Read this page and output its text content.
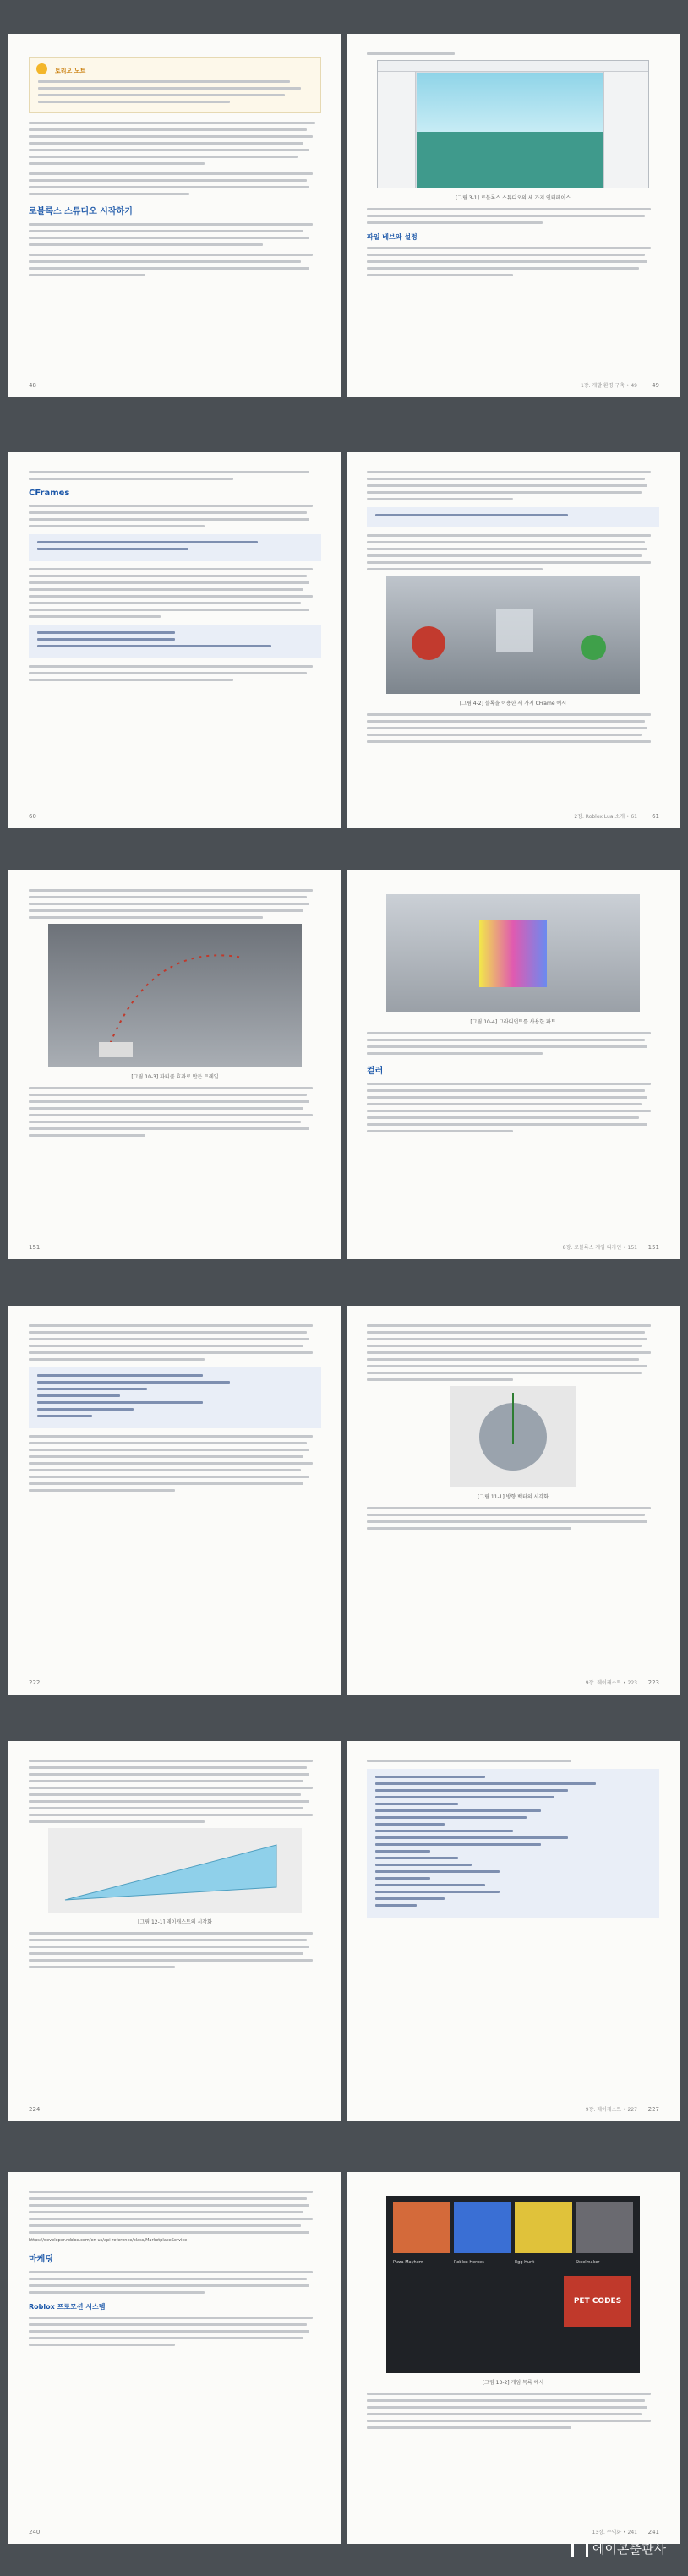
토리오 노트
로블록스 스튜디오 시작하기
48
[그림 3-1] 로블록스 스튜디오의 세 가지 인터페이스
파일 베브와 설정
1장. 개발 환경 구축 • 49 49
CFrames
60
[그림 4-2] 블록을 이용한 세 가지 CFrame 예시
2장. Roblox Lua 소개 • 61 61
[그림 10-3] 파티클 효과로 만든 트레일
151
[그림 10-4] 그라디언트를 사용한 파트
컬러
8장. 로블록스 게임 디자인 • 151 151
222
[그림 11-1] 방향 벡터의 시각화
9장. 레이캐스트 • 223 223
[그림 12-1] 레이캐스트의 시각화
224	9장. 레이캐스트 • 227 227
https://developer.roblox.com/en-us/api-reference/class/MarketplaceService
마케팅
Roblox 프로모션 시스템
240
Pizza Mayhem	Roblox Heroes	Egg Hunt	Steelmaker
PET CODES
[그림 13-2] 게임 목록 예시
13장. 수익화 • 241 241
에이콘출판사
